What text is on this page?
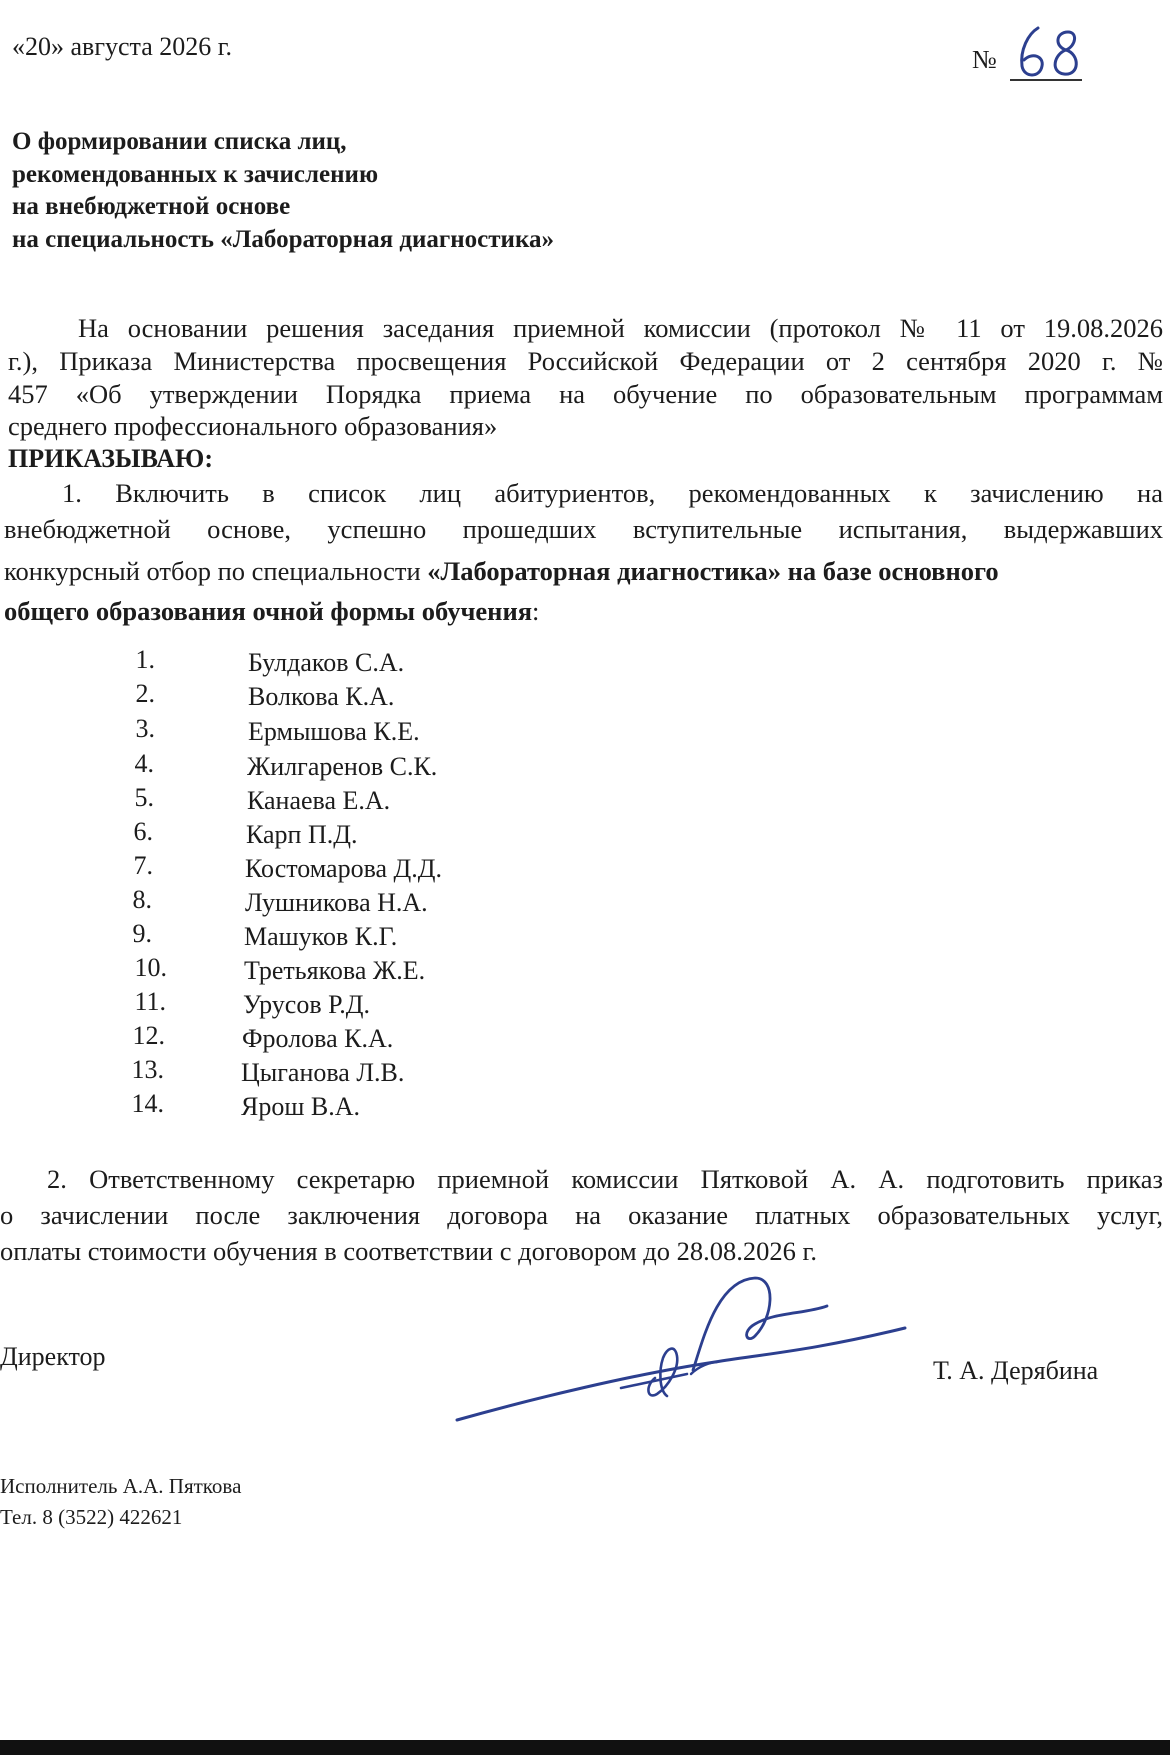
«20» августа 2026 г.	№
О формировании списка лиц,
рекомендованных к зачислению
на внебюджетной основе
на специальность «Лабораторная диагностика»
На основании решения заседания приемной комиссии (протокол № 11 от 19.08.2026
г.), Приказа Министерства просвещения Российской Федерации от 2 сентября 2020 г. №
457 «Об утверждении Порядка приема на обучение по образовательным программам
среднего профессионального образования»
ПРИКАЗЫВАЮ:
1. Включить в список лиц абитуриентов, рекомендованных к зачислению на
внебюджетной основе, успешно прошедших вступительные испытания, выдержавших
конкурсный отбор по специальности «Лабораторная диагностика» на базе основного
общего образования очной формы обучения:
1.	Булдаков С.А.
2.	Волкова К.А.
3.	Ермышова К.Е.
4.	Жилгаренов С.К.
5.	Канаева Е.А.
6.	Карп П.Д.
7.	Костомарова Д.Д.
8.	Лушникова Н.А.
9.	Машуков К.Г.
10.	Третьякова Ж.Е.
11.	Урусов Р.Д.
12.	Фролова К.А.
13.	Цыганова Л.В.
14.	Ярош В.А.
2. Ответственному секретарю приемной комиссии Пятковой А. А. подготовить приказ
о зачислении после заключения договора на оказание платных образовательных услуг,
оплаты стоимости обучения в соответствии с договором до 28.08.2026 г.
Директор	Т. А. Дерябина
Исполнитель А.А. Пяткова
Тел. 8 (3522) 422621
